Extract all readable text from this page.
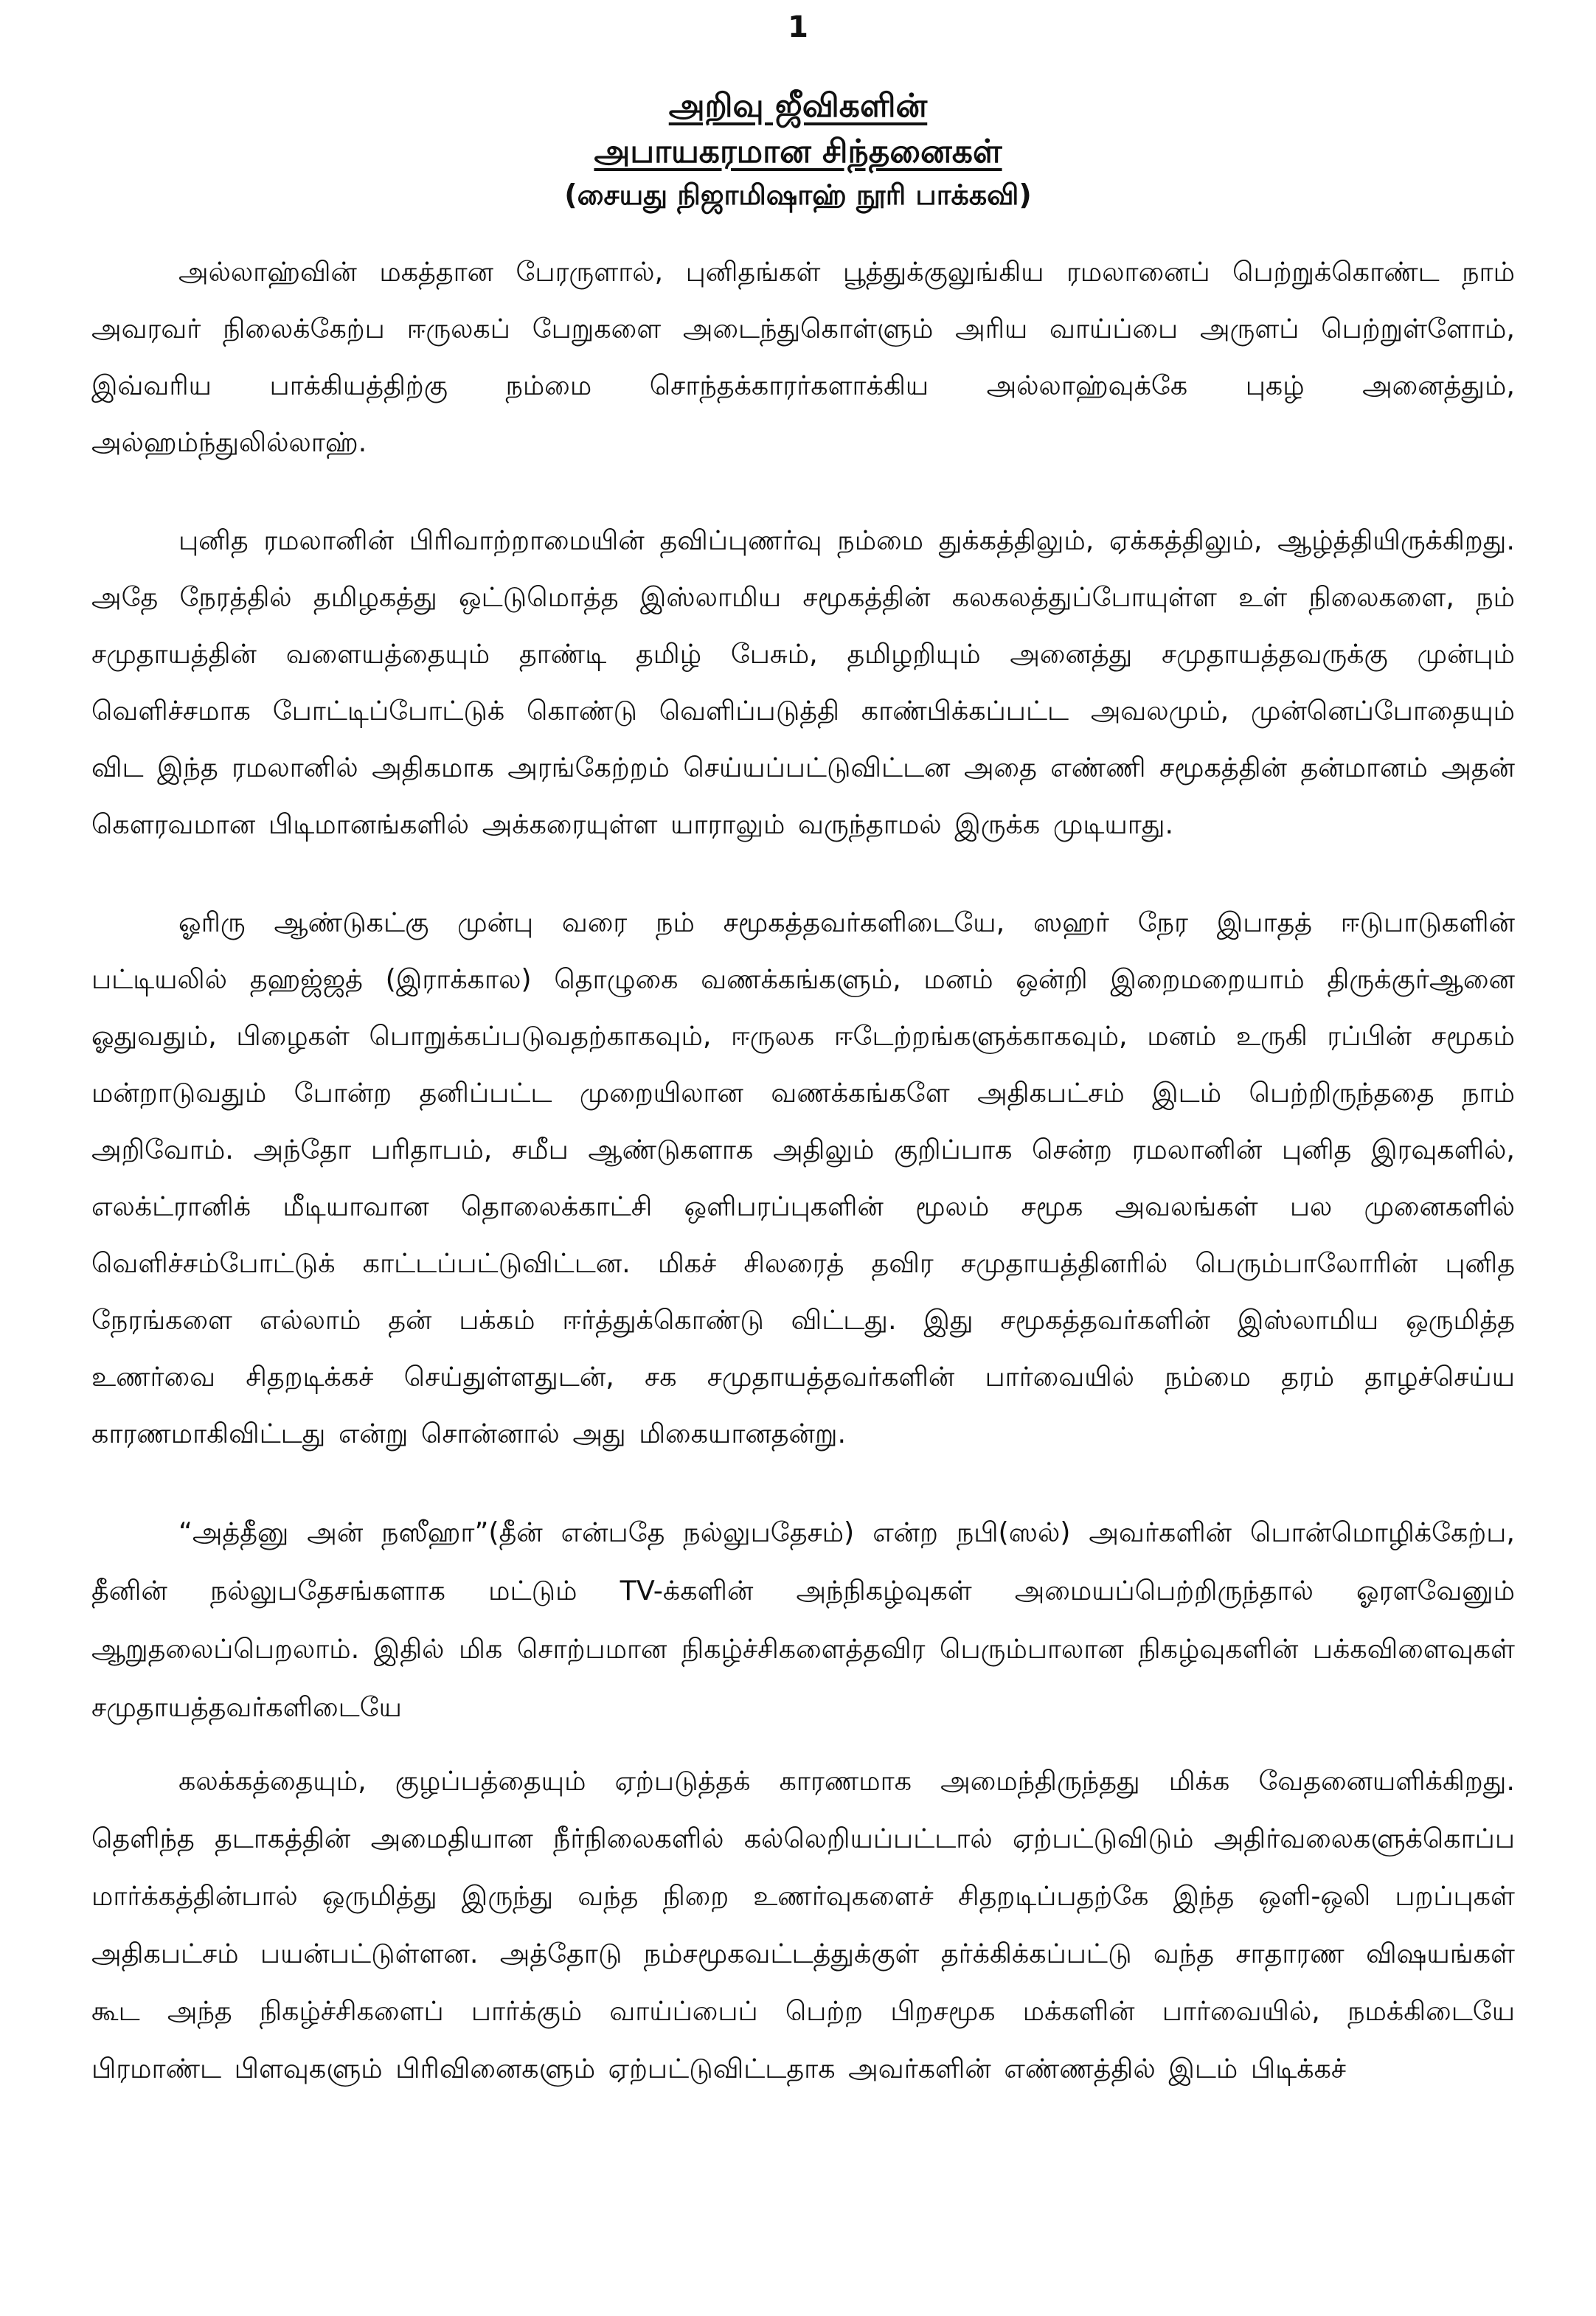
1
அறிவு ஜீவிகளின்
அபாயகரமான சிந்தனைகள்
(சையது நிஜாமிஷாஹ் நூரி பாக்கவி)

அல்லாஹ்வின் மகத்தான பேரருளால், புனிதங்கள் பூத்துக்குலுங்கிய ரமலானைப் பெற்றுக்கொண்ட நாம் அவரவர் நிலைக்கேற்ப ஈருலகப் பேறுகளை அடைந்துகொள்ளும் அரிய வாய்ப்பை அருளப் பெற்றுள்ளோம், இவ்வரிய பாக்கியத்திற்கு நம்மை சொந்தக்காரர்களாக்கிய அல்லாஹ்வுக்கே புகழ் அனைத்தும், அல்ஹம்ந்துலில்லாஹ்.

புனித ரமலானின் பிரிவாற்றாமையின் தவிப்புணர்வு நம்மை துக்கத்திலும், ஏக்கத்திலும், ஆழ்த்தியிருக்கிறது. அதே நேரத்தில் தமிழகத்து ஒட்டுமொத்த இஸ்லாமிய சமூகத்தின் கலகலத்துப்போயுள்ள உள் நிலைகளை, நம் சமுதாயத்தின் வளையத்தையும் தாண்டி தமிழ் பேசும், தமிழறியும் அனைத்து சமுதாயத்தவருக்கு முன்பும் வெளிச்சமாக போட்டிப்போட்டுக் கொண்டு வெளிப்படுத்தி காண்பிக்கப்பட்ட அவலமும், முன்னெப்போதையும் விட இந்த ரமலானில் அதிகமாக அரங்கேற்றம் செய்யப்பட்டுவிட்டன அதை எண்ணி சமூகத்தின் தன்மானம் அதன் கௌரவமான பிடிமானங்களில் அக்கரையுள்ள யாராலும் வருந்தாமல் இருக்க முடியாது.

ஓரிரு ஆண்டுகட்கு முன்பு வரை நம் சமூகத்தவர்களிடையே, ஸஹர் நேர இபாதத் ஈடுபாடுகளின் பட்டியலில் தஹஜ்ஜத் (இராக்கால) தொழுகை வணக்கங்களும், மனம் ஒன்றி இறைமறையாம் திருக்குர்ஆனை ஓதுவதும், பிழைகள் பொறுக்கப்படுவதற்காகவும், ஈருலக ஈடேற்றங்களுக்காகவும், மனம் உருகி ரப்பின் சமூகம் மன்றாடுவதும் போன்ற தனிப்பட்ட முறையிலான வணக்கங்களே அதிகபட்சம் இடம் பெற்றிருந்ததை நாம் அறிவோம். அந்தோ பரிதாபம், சமீப ஆண்டுகளாக அதிலும் குறிப்பாக சென்ற ரமலானின் புனித இரவுகளில், எலக்ட்ரானிக் மீடியாவான தொலைக்காட்சி ஒளிபரப்புகளின் மூலம் சமூக அவலங்கள் பல முனைகளில் வெளிச்சம்போட்டுக் காட்டப்பட்டுவிட்டன. மிகச் சிலரைத் தவிர சமுதாயத்தினரில் பெரும்பாலோரின் புனித நேரங்களை எல்லாம் தன் பக்கம் ஈர்த்துக்கொண்டு விட்டது. இது சமூகத்தவர்களின் இஸ்லாமிய ஒருமித்த உணர்வை சிதறடிக்கச் செய்துள்ளதுடன், சக சமுதாயத்தவர்களின் பார்வையில் நம்மை தரம் தாழச்செய்ய காரணமாகிவிட்டது என்று சொன்னால் அது மிகையானதன்று.

“அத்தீனு அன் நஸீஹா”(தீன் என்பதே நல்லுபதேசம்) என்ற நபி(ஸல்) அவர்களின் பொன்மொழிக்கேற்ப, தீனின் நல்லுபதேசங்களாக மட்டும் TV-க்களின் அந்நிகழ்வுகள் அமையப்பெற்றிருந்தால் ஓரளவேனும் ஆறுதலைப்பெறலாம். இதில் மிக சொற்பமான நிகழ்ச்சிகளைத்தவிர பெரும்பாலான நிகழ்வுகளின் பக்கவிளைவுகள் சமுதாயத்தவர்களிடையே

கலக்கத்தையும், குழப்பத்தையும் ஏற்படுத்தக் காரணமாக அமைந்திருந்தது மிக்க வேதனையளிக்கிறது. தெளிந்த தடாகத்தின் அமைதியான நீர்நிலைகளில் கல்லெறியப்பட்டால் ஏற்பட்டுவிடும் அதிர்வலைகளுக்கொப்ப மார்க்கத்தின்பால் ஒருமித்து இருந்து வந்த நிறை உணர்வுகளைச் சிதறடிப்பதற்கே இந்த ஒளி-ஒலி பறப்புகள் அதிகபட்சம் பயன்பட்டுள்ளன. அத்தோடு நம்சமூகவட்டத்துக்குள் தர்க்கிக்கப்பட்டு வந்த சாதாரண விஷயங்கள் கூட அந்த நிகழ்ச்சிகளைப் பார்க்கும் வாய்ப்பைப் பெற்ற பிறசமூக மக்களின் பார்வையில், நமக்கிடையே பிரமாண்ட பிளவுகளும் பிரிவினைகளும் ஏற்பட்டுவிட்டதாக அவர்களின் எண்ணத்தில் இடம் பிடிக்கச்
